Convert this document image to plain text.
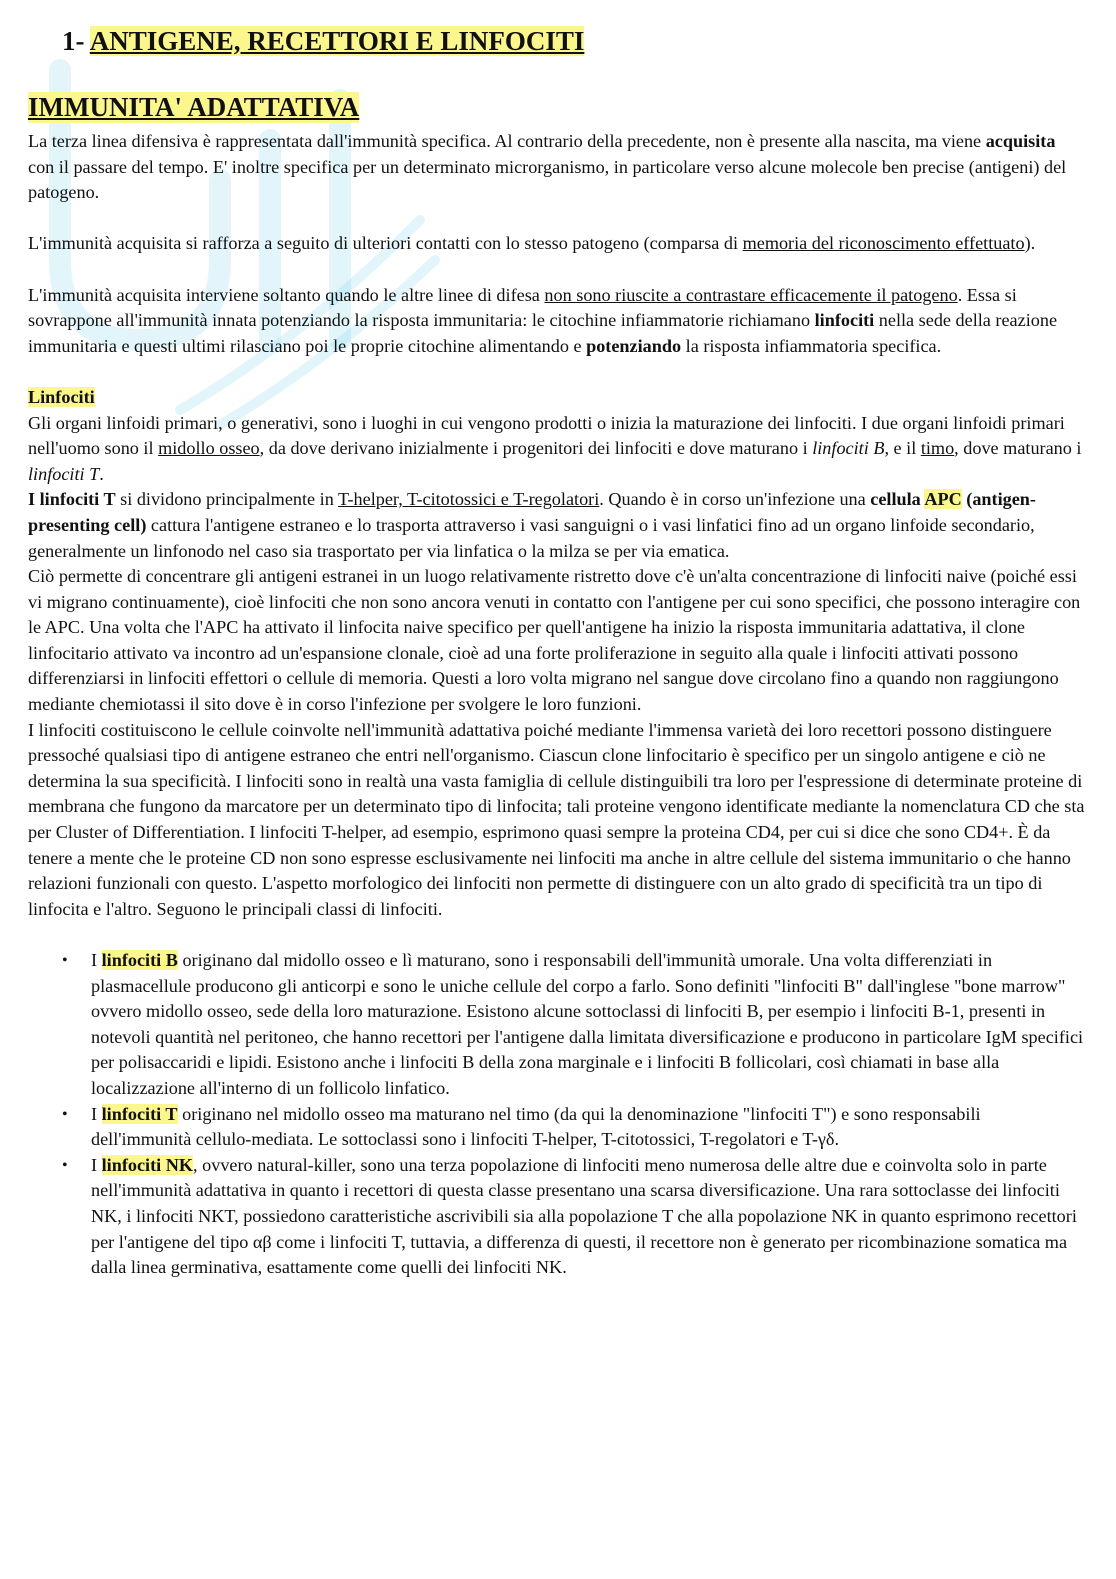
1- ANTIGENE, RECETTORI E LINFOCITI
IMMUNITA' ADATTATIVA

La terza linea difensiva è rappresentata dall'immunità specifica. Al contrario della precedente, non è presente alla nascita, ma viene acquisita con il passare del tempo. E' inoltre specifica per un determinato microrganismo, in particolare verso alcune molecole ben precise (antigeni) del patogeno.

L'immunità acquisita si rafforza a seguito di ulteriori contatti con lo stesso patogeno (comparsa di memoria del riconoscimento effettuato).

L'immunità acquisita interviene soltanto quando le altre linee di difesa non sono riuscite a contrastare efficacemente il patogeno. Essa si sovrappone all'immunità innata potenziando la risposta immunitaria: le citochine infiammatorie richiamano linfociti nella sede della reazione immunitaria e questi ultimi rilasciano poi le proprie citochine alimentando e potenziando la risposta infiammatoria specifica.

Linfociti

Gli organi linfoidi primari, o generativi, sono i luoghi in cui vengono prodotti o inizia la maturazione dei linfociti. I due organi linfoidi primari nell'uomo sono il midollo osseo, da dove derivano inizialmente i progenitori dei linfociti e dove maturano i linfociti B, e il timo, dove maturano i linfociti T.

I linfociti T si dividono principalmente in T-helper, T-citotossici e T-regolatori. Quando è in corso un'infezione una cellula APC (antigen-presenting cell) cattura l'antigene estraneo e lo trasporta attraverso i vasi sanguigni o i vasi linfatici fino ad un organo linfoide secondario, generalmente un linfonodo nel caso sia trasportato per via linfatica o la milza se per via ematica.

Ciò permette di concentrare gli antigeni estranei in un luogo relativamente ristretto dove c'è un'alta concentrazione di linfociti naive (poiché essi vi migrano continuamente), cioè linfociti che non sono ancora venuti in contatto con l'antigene per cui sono specifici, che possono interagire con le APC. Una volta che l'APC ha attivato il linfocita naive specifico per quell'antigene ha inizio la risposta immunitaria adattativa, il clone linfocitario attivato va incontro ad un'espansione clonale, cioè ad una forte proliferazione in seguito alla quale i linfociti attivati possono differenziarsi in linfociti effettori o cellule di memoria. Questi a loro volta migrano nel sangue dove circolano fino a quando non raggiungono mediante chemiotassi il sito dove è in corso l'infezione per svolgere le loro funzioni.

I linfociti costituiscono le cellule coinvolte nell'immunità adattativa poiché mediante l'immensa varietà dei loro recettori possono distinguere pressoché qualsiasi tipo di antigene estraneo che entri nell'organismo. Ciascun clone linfocitario è specifico per un singolo antigene e ciò ne determina la sua specificità. I linfociti sono in realtà una vasta famiglia di cellule distinguibili tra loro per l'espressione di determinate proteine di membrana che fungono da marcatore per un determinato tipo di linfocita; tali proteine vengono identificate mediante la nomenclatura CD che sta per Cluster of Differentiation. I linfociti T-helper, ad esempio, esprimono quasi sempre la proteina CD4, per cui si dice che sono CD4+. È da tenere a mente che le proteine CD non sono espresse esclusivamente nei linfociti ma anche in altre cellule del sistema immunitario o che hanno relazioni funzionali con questo. L'aspetto morfologico dei linfociti non permette di distinguere con un alto grado di specificità tra un tipo di linfocita e l'altro. Seguono le principali classi di linfociti.

• I linfociti B originano dal midollo osseo e lì maturano, sono i responsabili dell'immunità umorale. Una volta differenziati in plasmacellule producono gli anticorpi e sono le uniche cellule del corpo a farlo. Sono definiti "linfociti B" dall'inglese "bone marrow" ovvero midollo osseo, sede della loro maturazione. Esistono alcune sottoclassi di linfociti B, per esempio i linfociti B-1, presenti in notevoli quantità nel peritoneo, che hanno recettori per l'antigene dalla limitata diversificazione e producono in particolare IgM specifici per polisaccaridi e lipidi. Esistono anche i linfociti B della zona marginale e i linfociti B follicolari, così chiamati in base alla localizzazione all'interno di un follicolo linfatico.
• I linfociti T originano nel midollo osseo ma maturano nel timo (da qui la denominazione "linfociti T") e sono responsabili dell'immunità cellulo-mediata. Le sottoclassi sono i linfociti T-helper, T-citotossici, T-regolatori e T-γδ.
• I linfociti NK, ovvero natural-killer, sono una terza popolazione di linfociti meno numerosa delle altre due e coinvolta solo in parte nell'immunità adattativa in quanto i recettori di questa classe presentano una scarsa diversificazione. Una rara sottoclasse dei linfociti NK, i linfociti NKT, possiedono caratteristiche ascrivibili sia alla popolazione T che alla popolazione NK in quanto esprimono recettori per l'antigene del tipo αβ come i linfociti T, tuttavia, a differenza di questi, il recettore non è generato per ricombinazione somatica ma dalla linea germinativa, esattamente come quelli dei linfociti NK.
